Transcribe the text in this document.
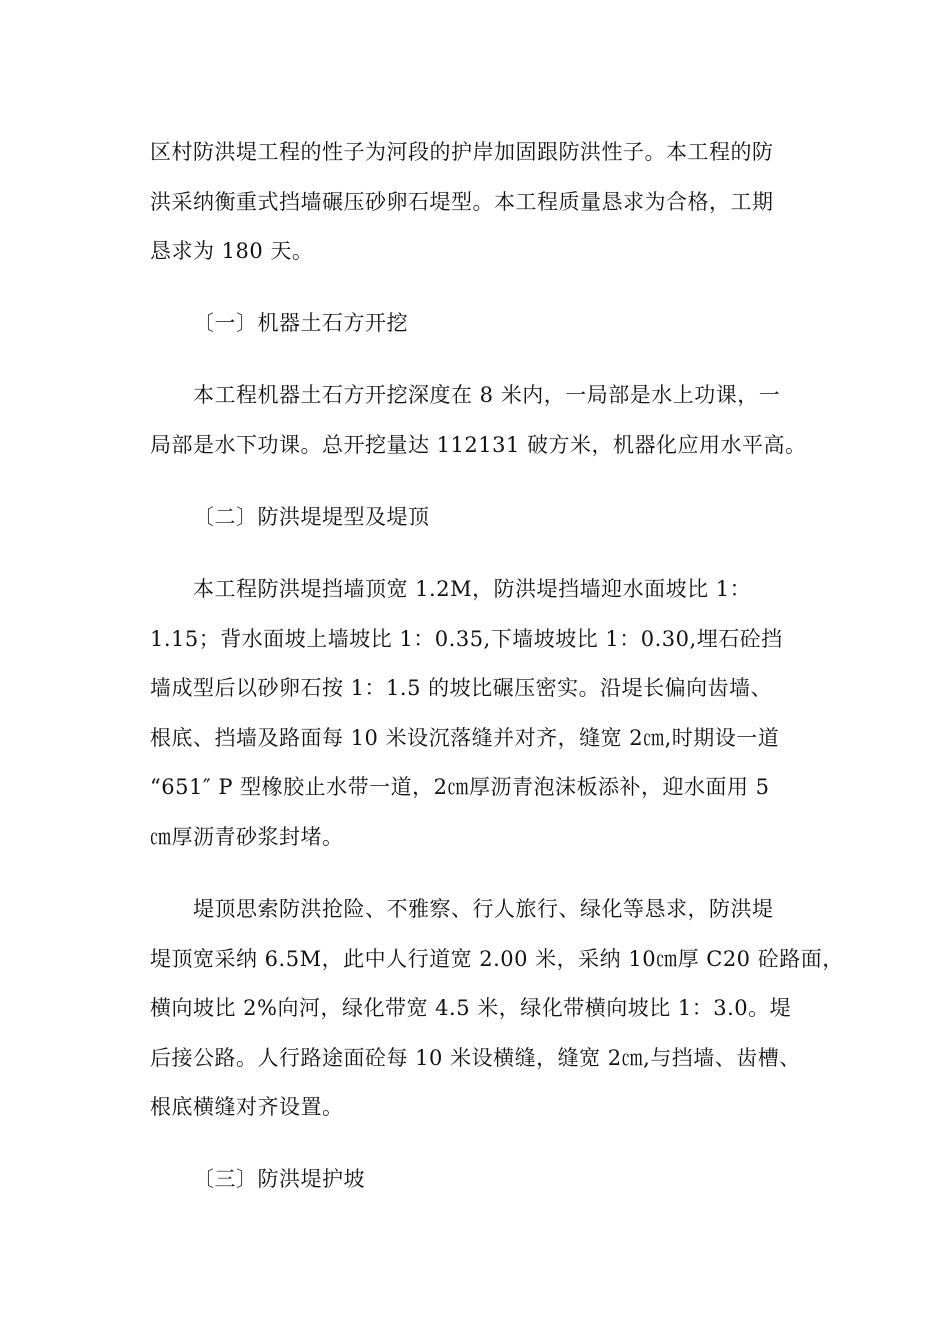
区村防洪堤工程的性子为河段的护岸加固跟防洪性子。本工程的防
洪采纳衡重式挡墙碾压砂卵石堤型。本工程质量恳求为合格，工期
恳求为 180 天。
〔一〕机器土石方开挖
本工程机器土石方开挖深度在 8 米内，一局部是水上功课，一
局部是水下功课。总开挖量达 112131 破方米，机器化应用水平高。
〔二〕防洪堤堤型及堤顶
本工程防洪堤挡墙顶宽 1.2M，防洪堤挡墙迎水面坡比 1：
1.15；背水面坡上墙坡比 1：0.35,下墙坡坡比 1：0.30,埋石砼挡
墙成型后以砂卵石按 1：1.5 的坡比碾压密实。沿堤长偏向齿墙、
根底、挡墙及路面每 10 米设沉落缝并对齐，缝宽 2㎝,时期设一道
“651″ P 型橡胶止水带一道，2㎝厚沥青泡沫板添补，迎水面用 5
㎝厚沥青砂浆封堵。
堤顶思索防洪抢险、不雅察、行人旅行、绿化等恳求，防洪堤
堤顶宽采纳 6.5M，此中人行道宽 2.00 米，采纳 10㎝厚 C20 砼路面，
横向坡比 2%向河，绿化带宽 4.5 米，绿化带横向坡比 1：3.0。堤
后接公路。人行路途面砼每 10 米设横缝，缝宽 2㎝,与挡墙、齿槽、
根底横缝对齐设置。
〔三〕防洪堤护坡
